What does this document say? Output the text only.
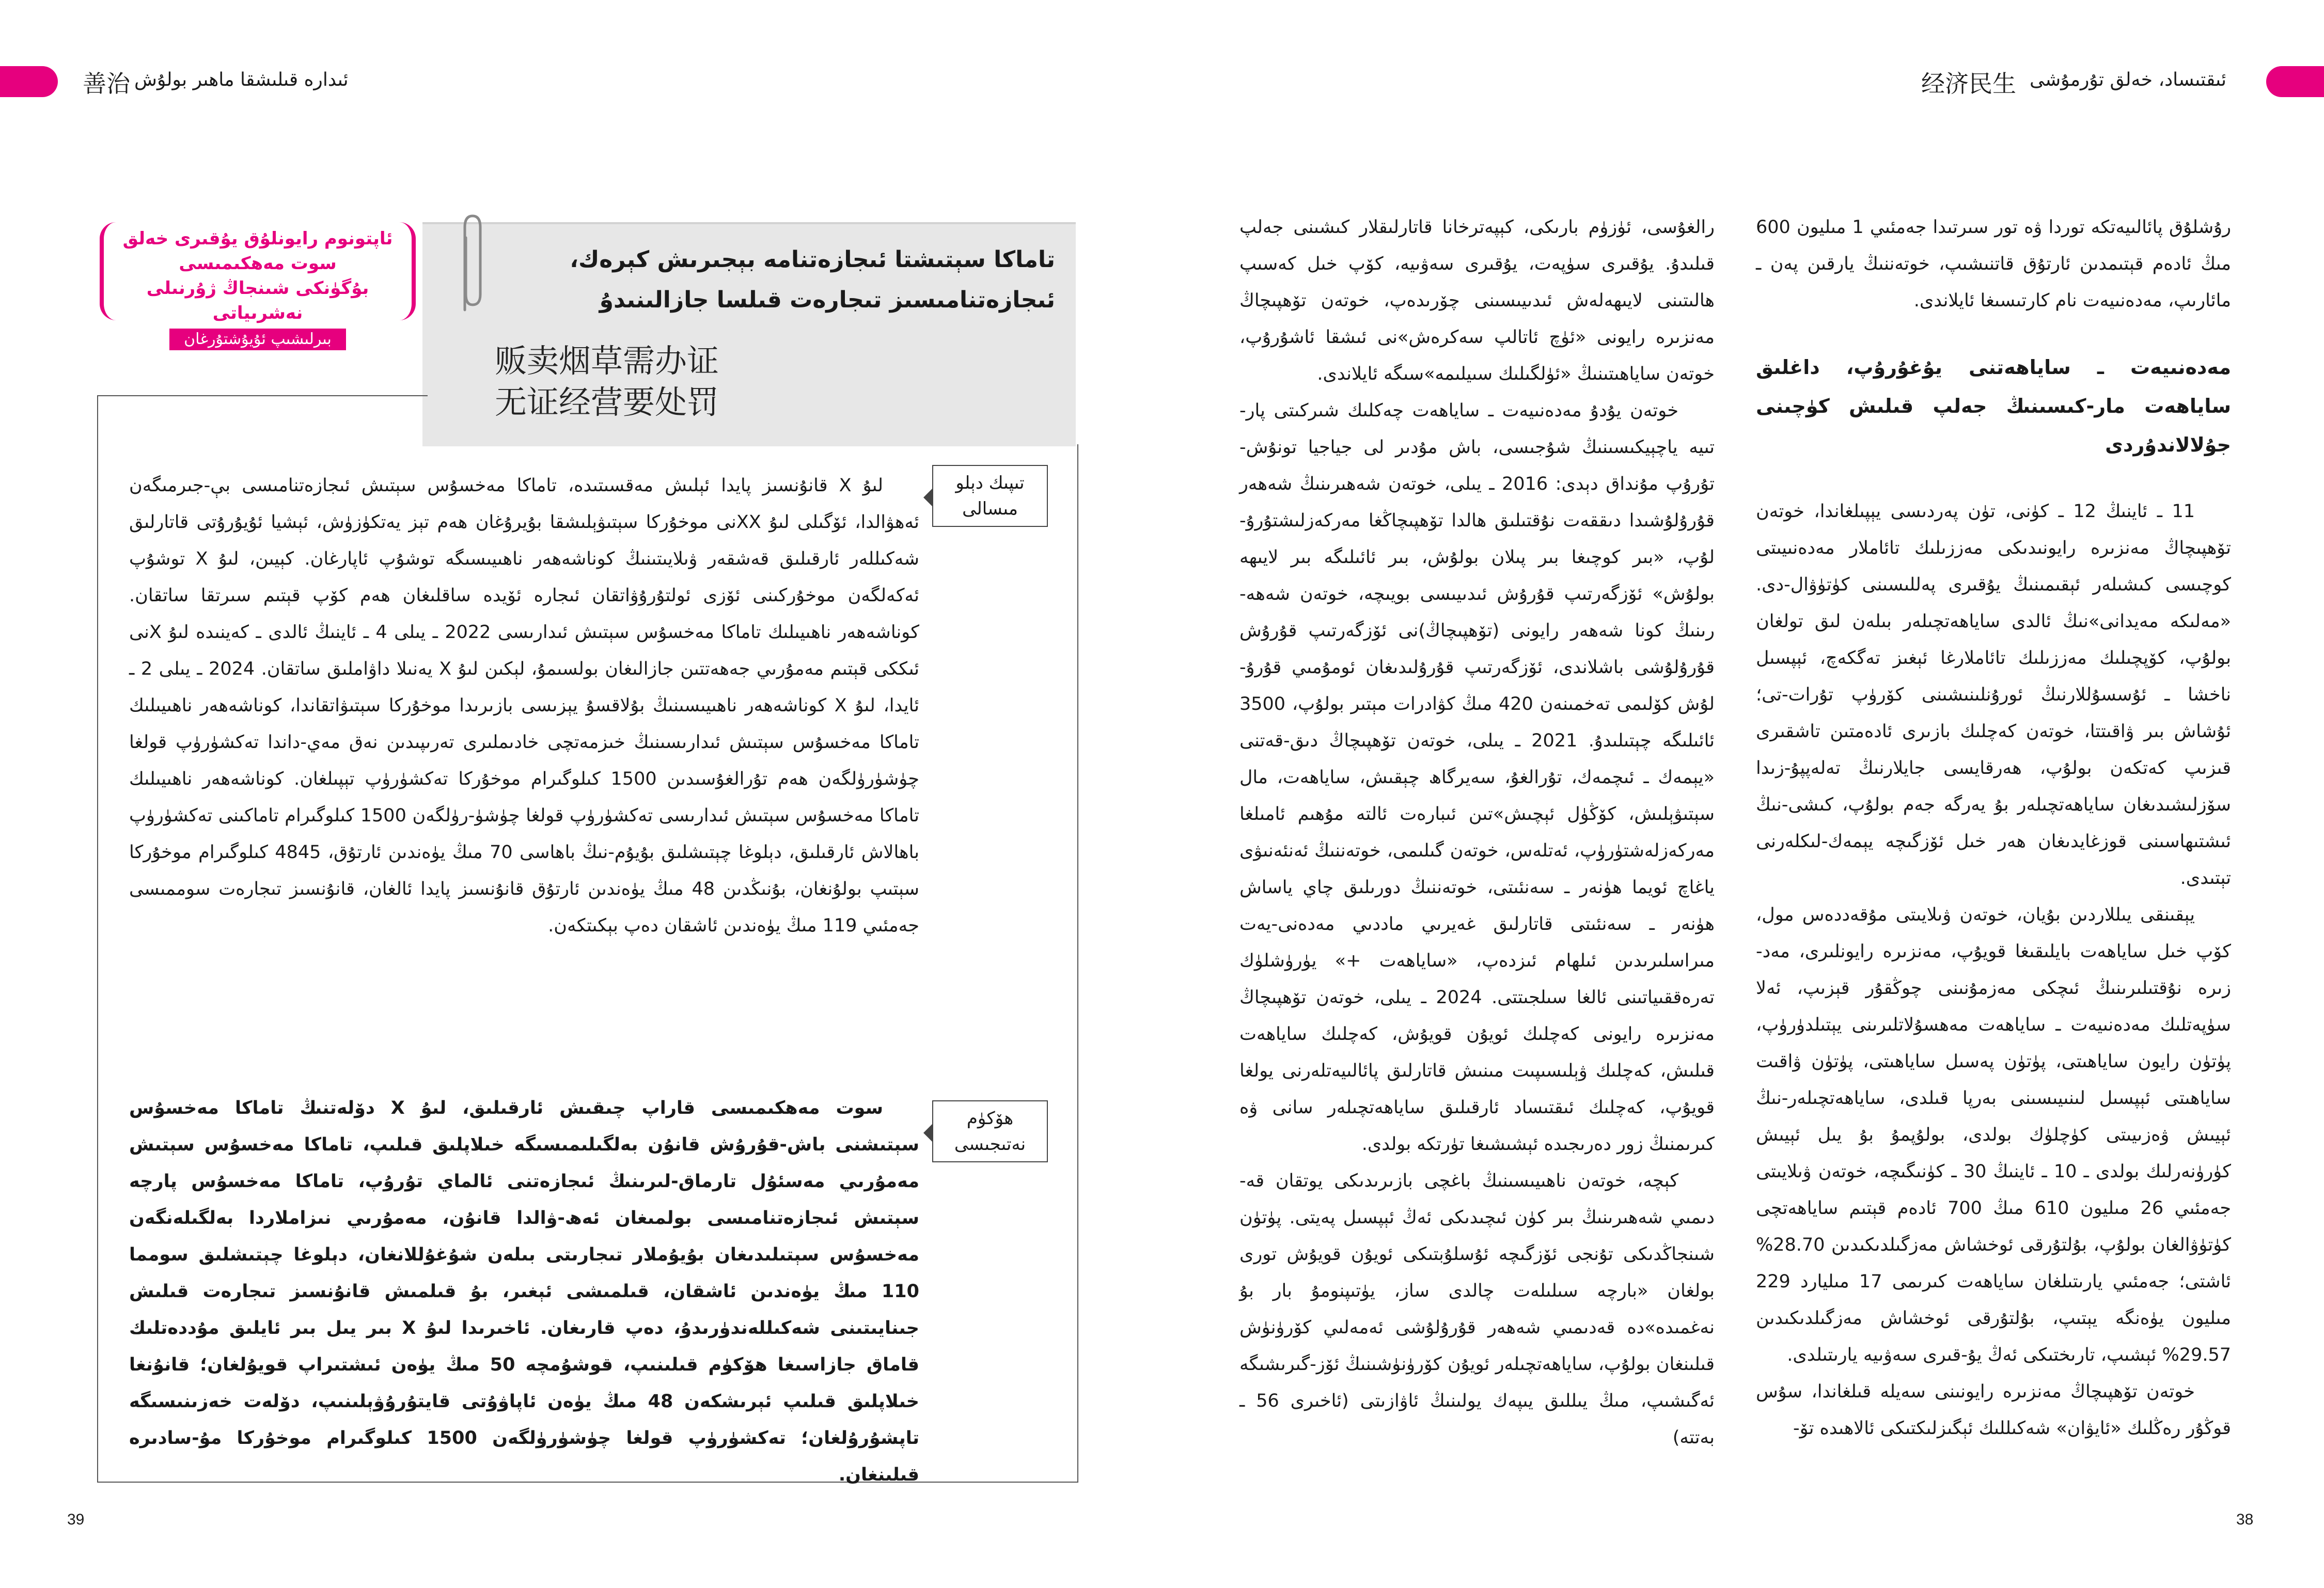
善治 ئىدارە قىلىشقا ماھىر بولۇش	ئىقتىساد، خەلق تۇرمۇشى
经济民生
ئاپتونوم رايونلۇق يۇقىرى خەلق سوت مەھكىمىسى
بۇگۈنكى شىنجاڭ ژۇرنىلى نەشرىياتى
بىرلىشىپ ئۇيۇشتۇرغان
تاماكا سېتىشتا ئىجازەتنامە بېجىرىش كېرەك،
ئىجازەتنامىسىز تىجارەت قىلسا جازالىنىدۇ
贩卖烟草需办证
无证经营要处罚
تىپىك دېلو مىسالى

لىۇ X قانۇنسىز پايدا ئېلىش مەقسىتىدە، تاماكا مەخسۇس سېتىش ئىجازەتنامىسى بې-جىرمىگەن ئەھۋالدا، ئۆگىلى لىۇ XXنى موخۇركا سېتىۋېلىشقا بۇيرۇغان ھەم تېز يەتكۈزۈش، ئېشيا ئۇيۇرۇتى قاتارلىق شەكىللەر ئارقىلىق قەشقەر ۋىلايىتىنىڭ كوناشەھەر ناھىيىسىگە توشۇپ ئاپارغان. كېيىن، لىۇ X توشۇپ ئەكەلگەن موخۇركىنى ئۆزى ئولتۇرۇۋاتقان ئىجارە ئۆيدە ساقلىغان ھەم كۆپ قېتىم سىرتقا ساتقان. كوناشەھەر ناھىيىلىك تاماكا مەخسۇس سېتىش ئىدارىسى 2022 ـ يىلى 4 ـ ئاينىڭ ئالدى ـ كەينىدە لىۇ Xنى ئىككى قېتىم مەمۇرىي جەھەتتىن جازالىغان بولسىمۇ، لېكىن لىۇ X يەنىلا داۋاملىق ساتقان. 2024 ـ يىلى 2 ـ ئايدا، لىۇ X كوناشەھەر ناھىيىسىنىڭ بۇلاقسۇ يېزىسى بازىرىدا موخۇركا سېتىۋاتقاندا، كوناشەھەر ناھىيىلىك تاماكا مەخسۇس سېتىش ئىدارىسىنىڭ خىزمەتچى خادىملىرى تەرىپىدىن نەق مەي-داندا تەكشۈرۈپ قولغا چۈشۈرۈلگەن ھەم تۇرالغۇسىدىن 1500 كىلوگىرام موخۇركا تەكشۈرۈپ تېپىلغان. كوناشەھەر ناھىيىلىك تاماكا مەخسۇس سېتىش ئىدارىسى تەكشۈرۈپ قولغا چۈشۈ-رۈلگەن 1500 كىلوگىرام تاماكىنى تەكشۈرۈپ باھالاش ئارقىلىق، دېلوغا چېتىشلىق بۇيۇم-نىڭ باھاسى 70 مىڭ يۈەندىن ئارتۇق، 4845 كىلوگىرام موخۇركا سېتىپ بولۇنغان، بۇنىڭدىن 48 مىڭ يۈەندىن ئارتۇق قانۇنسىز پايدا ئالغان، قانۇنسىز تىجارەت سوممىسى جەمئىي 119 مىڭ يۈەندىن ئاشقان دەپ بېكىتكەن.

ھۆكۈم نەتىجىسى

سوت مەھكىمىسى قاراپ چىقىش ئارقىلىق، لىۇ X دۆلەتنىڭ تاماكا مەخسۇس سېتىشنى باش-قۇرۇش قانۇن بەلگىلىمىسىگە خىلاپلىق قىلىپ، تاماكا مەخسۇس سېتىش مەمۇرىي مەسئۇل تارماق-لىرىنىڭ ئىجازەتنى ئالماي تۇرۇپ، تاماكا مەخسۇس پارچە سېتىش ئىجازەتنامىسى بولمىغان ئەھ-ۋالدا قانۇن، مەمۇرىي نىزاملاردا بەلگىلەنگەن مەخسۇس سېتىلىدىغان بۇيۇملار تىجارىتى بىلەن شۇغۇللانغان، دېلوغا چېتىشلىق سومما 110 مىڭ يۈەندىن ئاشقان، قىلمىشى ئېغىر، بۇ قىلمىش قانۇنسىز تىجارەت قىلىش جىنايىتىنى شەكىللەندۈرىدۇ، دەپ قارىغان. ئاخىرىدا لىۇ X بىر يىل بىر ئايلىق مۇددەتلىك قاماق جازاسىغا ھۆكۈم قىلىنىپ، قوشۇمچە 50 مىڭ يۈەن ئىشتىراپ قويۇلغان؛ قانۇنغا خىلاپلىق قىلىپ ئېرىشكەن 48 مىڭ يۈەن ئاپاۋۇتى قايتۇرۇۋېلىنىپ، دۆلەت خەزىنىسىگە تاپشۇرۇلغان؛ تەكشۈرۈپ قولغا چۈشۈرۈلگەن 1500 كىلوگىرام موخۇركا مۇ-سادىرە قىلىنغان.

39

رالغۇسى، ئۈزۈم بارىكى، كېپەترخانا قاتارلىقلار كىشىنى جەلپ قىلىدۇ. يۇقىرى سۈپەت، يۇقىرى سەۋىيە، كۆپ خىل كەسىپ ھالىتىنى لايىھەلەش ئىدىيىسىنى چۆرىدەپ، خوتەن تۆھپىچاڭ مەنزىرە رايونى «ئۈچ ئاتالپ سەكرەش»نى ئىشقا ئاشۇرۇپ، خوتەن ساياھىتىنىڭ «ئۈلگىلىك سىيلىمە»سىگە ئايلاندى.

خوتەن يۇدۇ مەدەنىيەت ـ ساياھەت چەكلىك شىركىتى پار-تىيە ياچېيكىسىنىڭ شۇجىسى، باش مۇدىر لى جياجيا تونۇش-تۇرۇپ مۇنداق دېدى: 2016 ـ يىلى، خوتەن شەھىرىنىڭ شەھەر قۇرۇلۇشىدا دىققەت نۇقتىلىق ھالدا تۆھپىچاڭغا مەركەزلىشتۇرۇ-لۇپ، «بىر كوچىغا بىر پىلان بولۇش، بىر ئائىلىگە بىر لايىھە بولۇش» ئۆزگەرتىپ قۇرۇش ئىدىيىسى بويىچە، خوتەن شەھە-رىنىڭ كونا شەھەر رايونى (تۆھپىچاڭ)نى ئۆزگەرتىپ قۇرۇش قۇرۇلۇشى باشلاندى، ئۆزگەرتىپ قۇرۇلىدىغان ئومۇمىي قۇرۇ-لۇش كۆلىمى تەخمىنەن 420 مىڭ كۋادرات مېتىر بولۇپ، 3500 ئائىلىگە چېتىلىدۇ. 2021 ـ يىلى، خوتەن تۆھپىچاڭ دىق-قەتنى «يېمەك ـ ئىچمەك، تۇرالغۇ، سەيرگاھ چېقىش، ساياھەت، مال سېتىۋېلىش، كۆڭۈل ئېچىش»تىن ئىبارەت ئالتە مۇھىم ئامىلغا مەركەزلەشتۈرۈپ، ئەتلەس، خوتەن گىلىمى، خوتەننىڭ ئەنئەنىۋى ياغاچ ئويما ھۈنەر ـ سەنئىتى، خوتەننىڭ دورىلىق چاي ياساش ھۈنەر ـ سەنئىتى قاتارلىق غەيرىي ماددىي مەدەنى-يەت مىراسلىرىدىن ئىلھام ئىزدەپ، «ساياھەت +» يۈرۈشلۈك تەرەققىياتىنى ئالغا سىلجىتتى. 2024 ـ يىلى، خوتەن تۆھپىچاڭ مەنزىرە رايونى كەچلىك ئويۇن قويۇش، كەچلىك ساياھەت قىلىش، كەچلىك ۋېلىسىپىت مىنىش قاتارلىق پائالىيەتلەرنى يولغا قويۇپ، كەچلىك ئىقتىساد ئارقىلىق ساياھەتچىلەر سانى ۋە كىرىمنىڭ زور دەرىجىدە ئېشىشىغا تۈرتكە بولدى.

كېچە، خوتەن ناھىيىسىنىڭ باغچى بازىرىدىكى يوتقان قە-دىمىي شەھىرىنىڭ بىر كۈن ئىچىدىكى ئەڭ ئېپسىل پەيتى. پۈتۈن شىنجاڭدىكى تۇنجى ئۆزگىچە ئۇسلۇبتىكى ئويۇن قويۇش تورى بولغان «بارچە سىلىلەت چالدى ساز، يۈتىپنومۇ بار بۇ نەغمىدە»دە قەدىمىي شەھەر قۇرۇلۇشى ئەمەلىي كۆرۈنۈش قىلىنغان بولۇپ، ساياھەتچىلەر ئويۇن كۆرۈنۈشىنىڭ ئۆز-گىرىشىگە ئەگىشىپ، مىڭ يىللىق يىپەك يولىنىڭ ئاۋازىتى (ئاخىرى 56 ـ بەتتە)

رۇشلۇق پائالىيەتكە توردا ۋە تور سىرتىدا جەمئىي 1 مىليون 600 مىڭ ئادەم قېتىمدىن ئارتۇق قاتنىشىپ، خوتەننىڭ يارقىن پەن ـ مائارىپ، مەدەنىيەت نام كارتىسىغا ئايلاندى.

مەدەنىيەت ـ ساياھەتنى يۇغۇرۇپ، داغلىق ساياھەت مار-كىسىنىڭ جەلپ قىلىش كۈچىنى جۇلالاندۇردى

11 ـ ئاينىڭ 12 ـ كۈنى، تۈن پەردىسى يېپىلغاندا، خوتەن تۆھپىچاڭ مەنزىرە رايونىدىكى مەززىلىك تائاملار مەدەنىيىتى كوچىسى كىشىلەر ئېقىمىنىڭ يۇقىرى پەللىسىنى كۈتۈۋال-دى. «مەلىكە مەيدانى»نىڭ ئالدى ساياھەتچىلەر بىلەن لىق تولغان بولۇپ، كۆپچىلىك مەززىلىك تائاملارغا ئېغىز تەگكەچ، ئېپسىل ناخشا ـ ئۇسسۇللارنىڭ ئورۇنلىنىشىنى كۆرۈپ تۇرات-تى؛ ئۇشاش بىر ۋاقىتتا، خوتەن كەچلىك بازىرى ئادەمتىن تاشقىرى قىزىپ كەتكەن بولۇپ، ھەرقايسى جايلارنىڭ تەلەپپۇ-زىدا سۆزلىشىدىغان ساياھەتچىلەر بۇ يەرگە جەم بولۇپ، كىشى-نىڭ ئىشتىھاسىنى قوزغايدىغان ھەر خىل ئۆزگىچە يېمەك-لىكلەرنى تېتىدى.

يېقىنقى يىللاردىن بۇيان، خوتەن ۋىلايىتى مۇقەددەس مول، كۆپ خىل ساياھەت بايلىقىغا قويۇپ، مەنزىرە رايونلىرى، مەد-زىرە نۇقتىلىرىنىڭ ئىچكى مەزمۇنىنى چوڭقۇر قېزىپ، ئەلا سۈپەتلىك مەدەنىيەت ـ ساياھەت مەھسۇلاتلىرىنى يېتىلدۈرۈپ، پۈتۈن رايون ساياھىتى، پۈتۈن پەسىل ساياھىتى، پۈتۈن ۋاقىت ساياھىتى ئېپسىل لىنىيىسىنى بەرپا قىلدى، ساياھەتچىلەر-نىڭ ئېيىش ۋەزىيىتى كۈچلۈك بولدى، بولۇپمۇ بۇ يىل ئېيىش كۈرۈنەرلىك بولدى ـ 10 ـ ئاينىڭ 30 ـ كۈنىگىچە، خوتەن ۋىلايىتى جەمئىي 26 مىليون 610 مىڭ 700 ئادەم قېتىم ساياھەتچى كۈتۈۋالغان بولۇپ، بۇلتۇرقى ئوخشاش مەزگىلدىكىدىن 28.70% ئاشتى؛ جەمئىي يارىتىلغان ساياھەت كىرىمى 17 مىليارد 229 مىليون يۈەنگە يېتىپ، بۇلتۇرقى ئوخشاش مەزگىلدىكىدىن 29.57% ئېشىپ، تارىختىكى ئەڭ يۇ-قىرى سەۋىيە يارىتىلدى.

خوتەن تۆھپىچاڭ مەنزىرە رايونىنى سەيلە قىلغاندا، سۇس قوڭۇر رەڭلىك «ئايۋان» شەكىللىك ئېگىزلىكتىكى ئالاھىدە تۆ-

38
